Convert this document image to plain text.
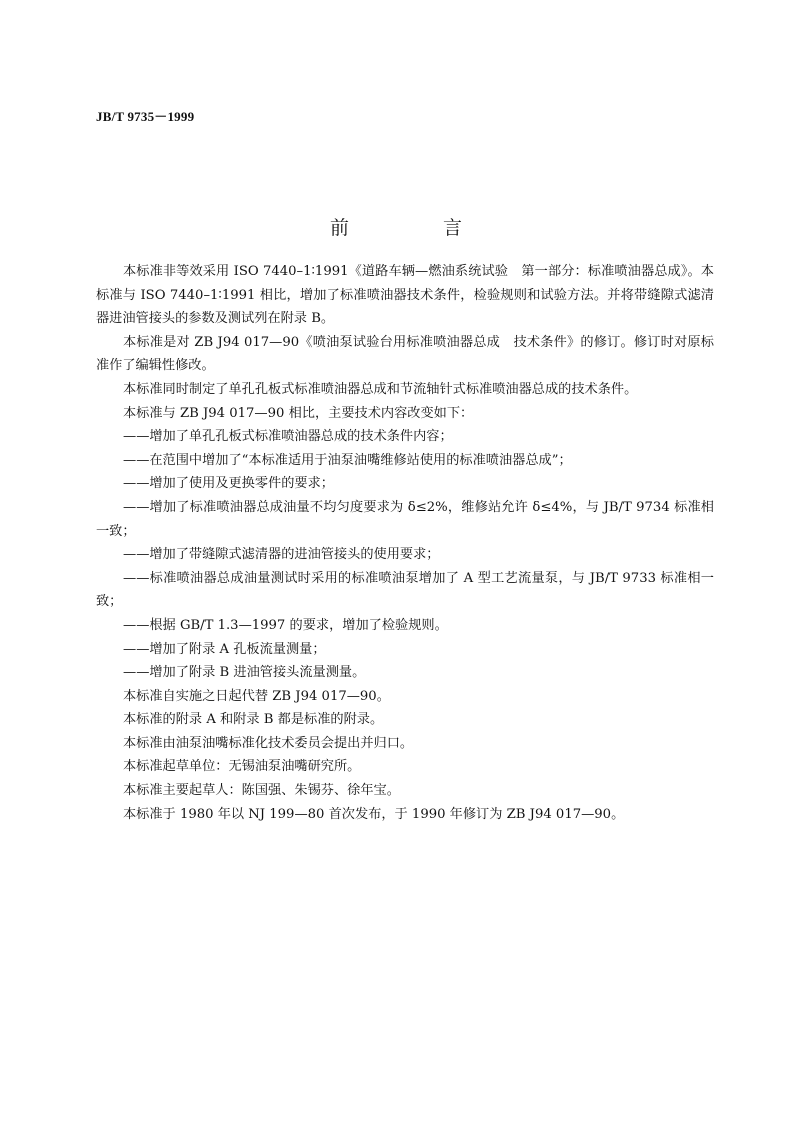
JB/T 9735－1999
前 言

本标准非等效采用 ISO 7440–1∶1991《道路车辆—燃油系统试验　第一部分：标准喷油器总成》。本标准与 ISO 7440–1∶1991 相比，增加了标准喷油器技术条件，检验规则和试验方法。并将带缝隙式滤清器进油管接头的参数及测试列在附录 B。

本标准是对 ZB J94 017—90《喷油泵试验台用标准喷油器总成　技术条件》的修订。修订时对原标准作了编辑性修改。

本标准同时制定了单孔孔板式标准喷油器总成和节流轴针式标准喷油器总成的技术条件。

本标准与 ZB J94 017—90 相比，主要技术内容改变如下：

——增加了单孔孔板式标准喷油器总成的技术条件内容；

——在范围中增加了“本标准适用于油泵油嘴维修站使用的标准喷油器总成”；

——增加了使用及更换零件的要求；

——增加了标准喷油器总成油量不均匀度要求为 δ≤2%，维修站允许 δ≤4%，与 JB/T 9734 标准相一致；

——增加了带缝隙式滤清器的进油管接头的使用要求；

——标准喷油器总成油量测试时采用的标准喷油泵增加了 A 型工艺流量泵，与 JB/T 9733 标准相一致；

——根据 GB/T 1.3—1997 的要求，增加了检验规则。

——增加了附录 A 孔板流量测量；

——增加了附录 B 进油管接头流量测量。

本标准自实施之日起代替 ZB J94 017—90。

本标准的附录 A 和附录 B 都是标准的附录。

本标准由油泵油嘴标准化技术委员会提出并归口。

本标准起草单位：无锡油泵油嘴研究所。

本标准主要起草人：陈国强、朱锡芬、徐年宝。

本标准于 1980 年以 NJ 199—80 首次发布，于 1990 年修订为 ZB J94 017—90。
